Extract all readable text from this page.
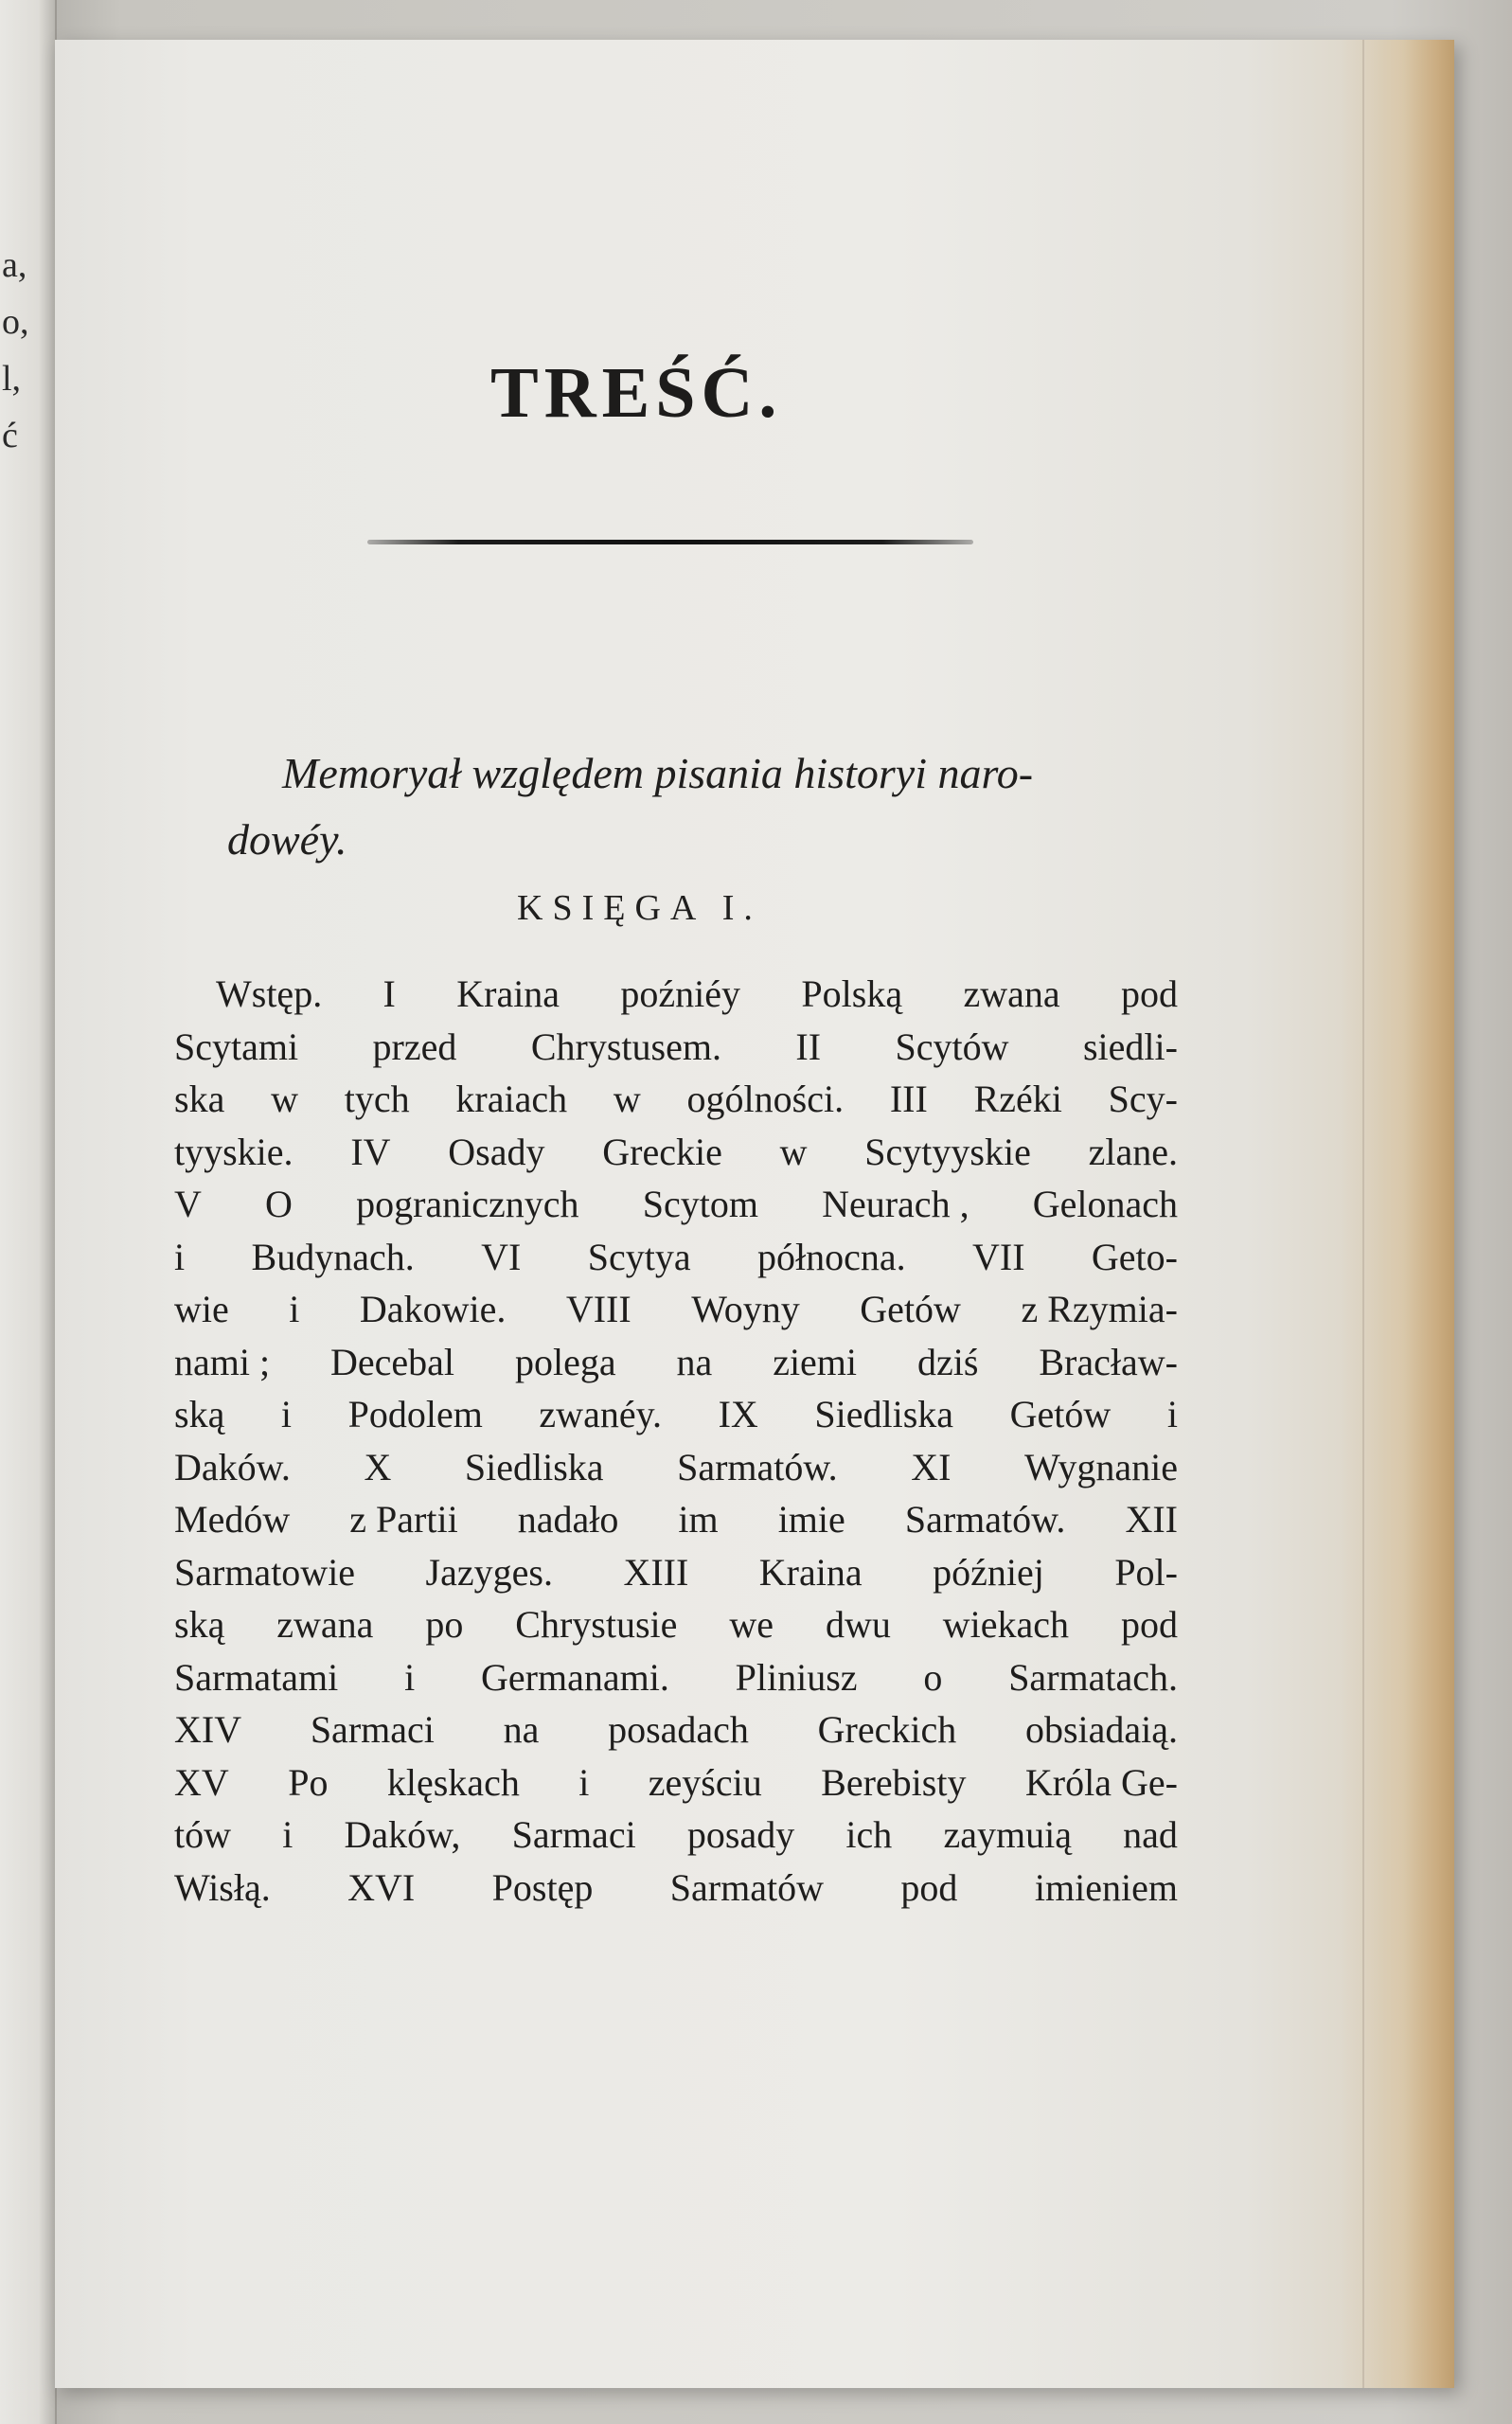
a,
o,
l,
ć
TREŚĆ.
Memoryał względem pisania historyi naro-
dowéy.
KSIĘGA I.
Wstęp. I Kraina poźniéy Polską zwana pod
Scytami przed Chrystusem. II Scytów siedli-
ska w tych kraiach w ogólności. III Rzéki Scy-
tyyskie. IV Osady Greckie w Scytyyskie zlane.
V O pogranicznych Scytom Neurach , Gelonach
i Budynach. VI Scytya północna. VII Geto-
wie i Dakowie. VIII Woyny Getów z Rzymia-
nami ; Decebal polega na ziemi dziś Bracław-
ską i Podolem zwanéy. IX Siedliska Getów i
Daków. X Siedliska Sarmatów. XI Wygnanie
Medów z Partii nadało im imie Sarmatów. XII
Sarmatowie Jazyges. XIII Kraina później Pol-
ską zwana po Chrystusie we dwu wiekach pod
Sarmatami i Germanami. Pliniusz o Sarmatach.
XIV Sarmaci na posadach Greckich obsiadaią.
XV Po klęskach i zeyściu Berebisty Króla Ge-
tów i Daków, Sarmaci posady ich zaymuią nad
Wisłą. XVI Postęp Sarmatów pod imieniem
